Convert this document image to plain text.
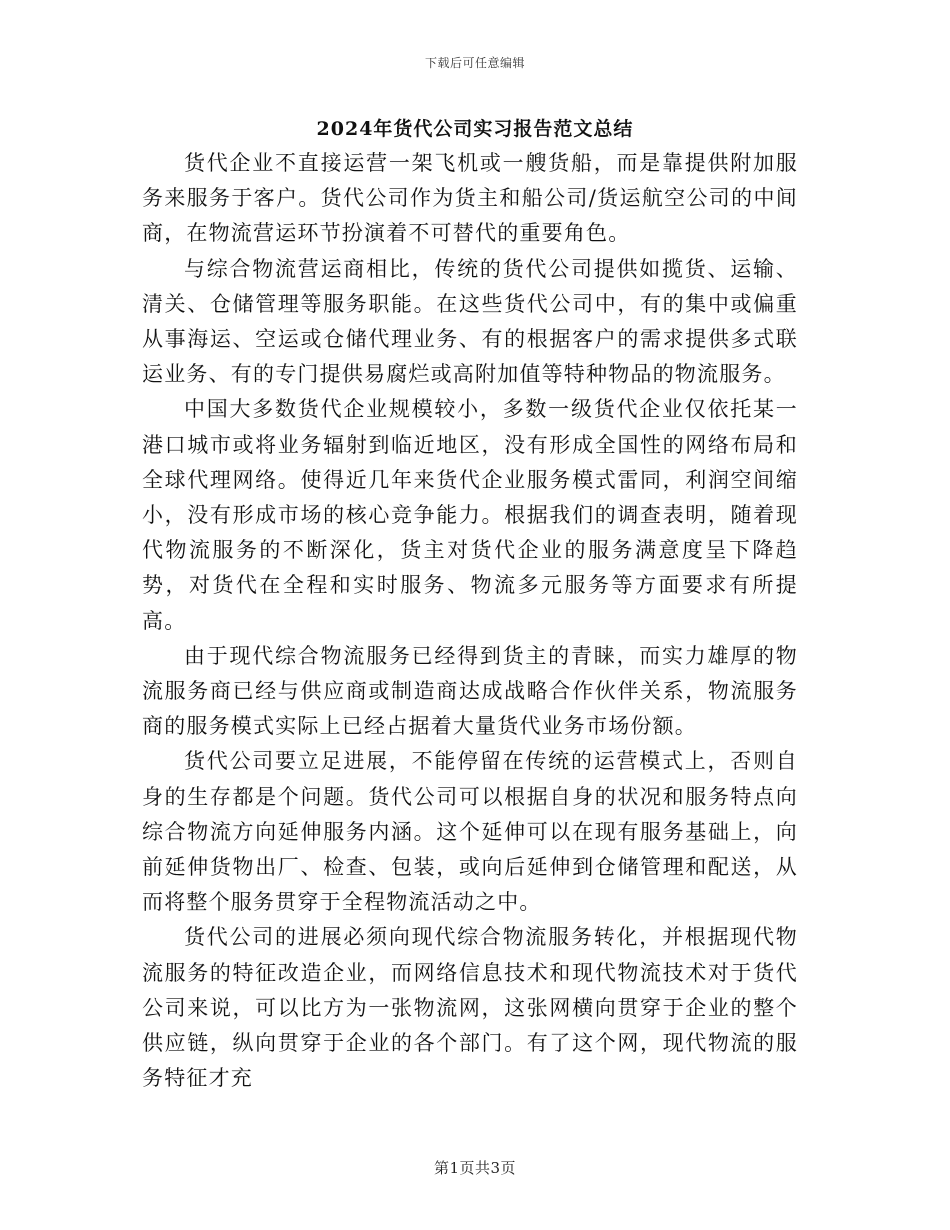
下载后可任意编辑
2024年货代公司实习报告范文总结

货代企业不直接运营一架飞机或一艘货船，而是靠提供附加服务来服务于客户。货代公司作为货主和船公司/货运航空公司的中间商，在物流营运环节扮演着不可替代的重要角色。

与综合物流营运商相比，传统的货代公司提供如揽货、运输、清关、仓储管理等服务职能。在这些货代公司中，有的集中或偏重从事海运、空运或仓储代理业务、有的根据客户的需求提供多式联运业务、有的专门提供易腐烂或高附加值等特种物品的物流服务。

中国大多数货代企业规模较小，多数一级货代企业仅依托某一港口城市或将业务辐射到临近地区，没有形成全国性的网络布局和全球代理网络。使得近几年来货代企业服务模式雷同，利润空间缩小，没有形成市场的核心竞争能力。根据我们的调查表明，随着现代物流服务的不断深化，货主对货代企业的服务满意度呈下降趋势，对货代在全程和实时服务、物流多元服务等方面要求有所提高。

由于现代综合物流服务已经得到货主的青睐，而实力雄厚的物流服务商已经与供应商或制造商达成战略合作伙伴关系，物流服务商的服务模式实际上已经占据着大量货代业务市场份额。

货代公司要立足进展，不能停留在传统的运营模式上，否则自身的生存都是个问题。货代公司可以根据自身的状况和服务特点向综合物流方向延伸服务内涵。这个延伸可以在现有服务基础上，向前延伸货物出厂、检查、包装，或向后延伸到仓储管理和配送，从而将整个服务贯穿于全程物流活动之中。

货代公司的进展必须向现代综合物流服务转化，并根据现代物流服务的特征改造企业，而网络信息技术和现代物流技术对于货代公司来说，可以比方为一张物流网，这张网横向贯穿于企业的整个供应链，纵向贯穿于企业的各个部门。有了这个网，现代物流的服务特征才充

第1页共3页
